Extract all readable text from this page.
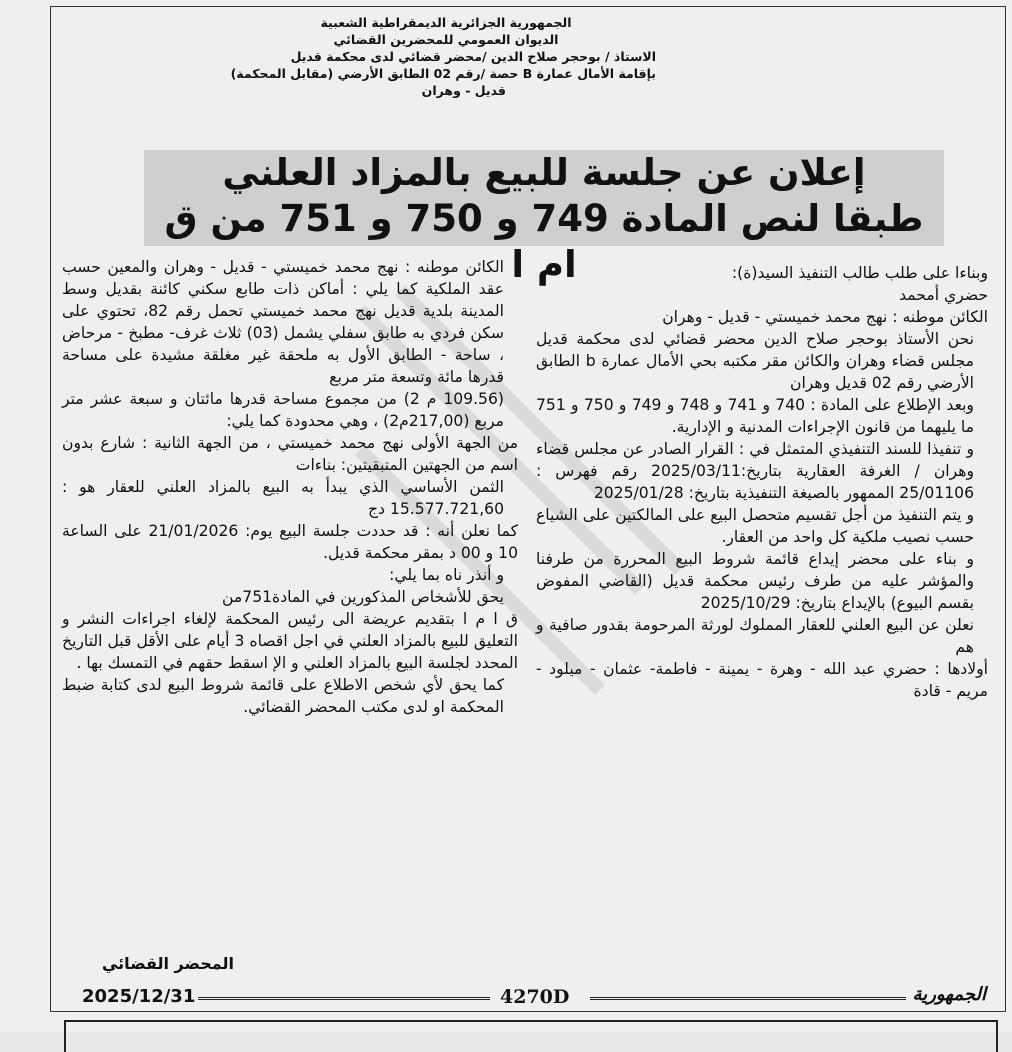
الجمهورية الجزائرية الديمقراطية الشعبية
الديوان العمومي للمحضرين القضائي
الاستاذ / بوحجر صلاح الدين /محضر قضائي لدى محكمة قديل
بإقامة الأمال عمارة B حصة /رقم 02 الطابق الأرضي (مقابل المحكمة)
قديل - وهران
إعلان عن جلسة للبيع بالمزاد العلني
طبقا لنص المادة 749 و 750 و 751 من ق ام ا	وبناءا على طلب طالب التنفيذ السيد(ة):

حضري أمحمد

الكائن موطنه : نهج محمد خميستي - قديل - وهران

نحن الأستاذ بوحجر صلاح الدين محضر قضائي لدى محكمة قديل مجلس قضاء وهران والكائن مقر مكتبه بحي الأمال عمارة b الطابق الأرضي رقم 02 قديل وهران

وبعد الإطلاع على المادة : 740 و 741 و 748 و 749 و 750 و 751 ما يليهما من قانون الإجراءات المدنية و الإدارية.

و تنفيذا للسند التنفيذي المتمثل في : القرار الصادر عن مجلس قضاء وهران / الغرفة العقارية بتاريخ:2025/03/11 رقم فهرس : 25/01106 الممهور بالصيغة التنفيذية بتاريخ: 2025/01/28

و يتم التنفيذ من أجل تقسيم متحصل البيع على المالكتين على الشياع حسب نصيب ملكية كل واحد من العقار.

و بناء على محضر إيداع قائمة شروط البيع المحررة من طرفنا والمؤشر عليه من طرف رئيس محكمة قديل (القاضي المفوض بقسم البيوع) بالإيداع بتاريخ: 2025/10/29

نعلن عن البيع العلني للعقار المملوك لورثة المرحومة بقدور صافية و هم

أولادها : حضري عبد الله - وهرة - يمينة - فاطمة- عثمان - ميلود - مريم - قادة

الكائن موطنه : نهج محمد خميستي - قديل - وهران والمعين حسب عقد الملكية كما يلي : أماكن ذات طابع سكني كائنة بقديل وسط المدينة بلدية قديل نهج محمد خميستي تحمل رقم 82، تحتوي على سكن فردي به طابق سفلي يشمل (03) ثلاث غرف- مطبخ - مرحاض ، ساحة - الطابق الأول به ملحقة غير مغلقة مشيدة على مساحة قدرها مائة وتسعة متر مربع

(109.56 م 2) من مجموع مساحة قدرها مائتان و سبعة عشر متر مربع (217,00م2) ، وهي محدودة كما يلي:

من الجهة الأولى نهج محمد خميستي ، من الجهة الثانية : شارع بدون اسم من الجهتين المتبقيتين: بناءات

الثمن الأساسي الذي يبدأ به البيع بالمزاد العلني للعقار هو : 15.577.721,60 دج

كما نعلن أنه : قد حددت جلسة البيع يوم: 21/01/2026 على الساعة 10 و 00 د بمقر محكمة قديل.

و أنذر ناه بما يلي:

يحق للأشخاص المذكورين في المادة751من

ق ا م ا بتقديم عريضة الى رئيس المحكمة لإلغاء اجراءات النشر و التعليق للبيع بالمزاد العلني في اجل اقصاه 3 أيام على الأقل قبل التاريخ المحدد لجلسة البيع بالمزاد العلني و الإ اسقط حقهم في التمسك بها .

كما يحق لأي شخص الاطلاع على قائمة شروط البيع لدى كتابة ضبط المحكمة او لدى مكتب المحضر القضائي.

المحضر القضائي
2025/12/31	4270D	الجمهورية
